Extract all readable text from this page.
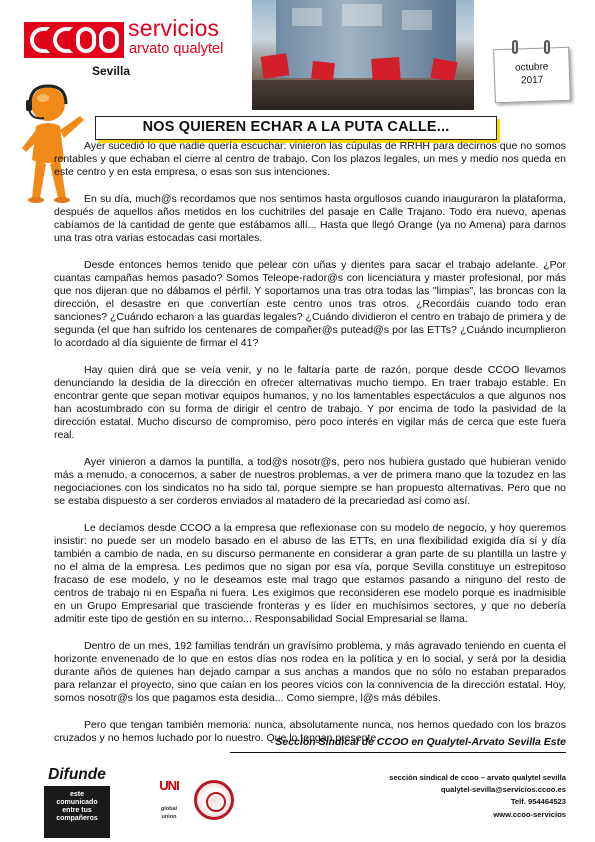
servicios
arvato qualytel
Sevilla	octubre
2017
NOS QUIEREN ECHAR A LA PUTA CALLE...

Ayer sucedió lo que nadie quería escuchar: vinieron las cúpulas de RRHH para decirnos que no somos rentables y que echaban el cierre al centro de trabajo. Con los plazos legales, un mes y medio nos queda en este centro y en esta empresa, o esas son sus intenciones.

En su día, much@s recordamos que nos sentimos hasta orgullosos cuando inauguraron la plataforma, después de aquellos años metidos en los cuchitriles del pasaje en Calle Trajano. Todo era nuevo, apenas cabíamos de la cantidad de gente que estábamos allí... Hasta que llegó Orange (ya no Amena) para darnos una tras otra varias estocadas casi mortales.

Desde entonces hemos tenido que pelear con uñas y dientes para sacar el trabajo adelante. ¿Por cuantas campañas hemos pasado? Somos Teleope-rador@s con licenciatura y master profesional, por más que nos dijeran que no dábamos el pérfil. Y soportamos una tras otra todas las "limpias", las broncas con la dirección, el desastre en que convertían este centro unos tras otros. ¿Recordáis cuando todo eran sanciones? ¿Cuándo echaron a las guardas legales? ¿Cuándo dividieron el centro en trabajo de primera y de segunda (el que han sufrido los centenares de compañer@s putead@s por las ETTs? ¿Cuándo incumplieron lo acordado al día siguiente de firmar el 41?

Hay quien dirá que se veía venir, y no le faltaría parte de razón, porque desde CCOO llevamos denunciando la desidia de la dirección en ofrecer alternativas mucho tiempo. En traer trabajo estable. En encontrar gente que sepan motivar equipos humanos, y no los lamentables espectáculos a que algunos nos han acostumbrado con su forma de dirigir el centro de trabajo. Y por encima de todo la pasividad de la dirección estatal. Mucho discurso de compromiso, pero poco interés en vigilar más de cerca que este fuera real.

Ayer vinieron a darnos la puntilla, a tod@s nosotr@s, pero nos hubiera gustado que hubieran venido más a menudo, a conocernos, a saber de nuestros problemas, a ver de primera mano que la tozudez en las negociaciones con los sindicatos no ha sido tal, porque siempre se han propuesto alternativas. Pero que no se estaba dispuesto a ser corderos enviados al matadero de la precariedad así como así.

Le decíamos desde CCOO a la empresa que reflexionase con su modelo de negocio, y hoy queremos insistir: no puede ser un modelo basado en el abuso de las ETTs, en una flexibilidad exigida día sí y día también a cambio de nada, en su discurso permanente en considerar a gran parte de su plantilla un lastre y no el alma de la empresa. Les pedimos que no sigan por esa vía, porque Sevilla constituye un estrepitoso fracaso de ese modelo, y no le deseamos este mal trago que estamos pasando a ninguno del resto de centros de trabajo ni en España ni fuera. Les exigimos que reconsideren ese modelo porque es inadmisible en un Grupo Empresarial que trasciende fronteras y es líder en muchísimos sectores, y que no debería admitir este tipo de gestión en su interno... Responsabilidad Social Empresarial se llama.

Dentro de un mes, 192 familias tendrán un gravísimo problema, y más agravado teniendo en cuenta el horizonte envenenado de lo que en estos días nos rodea en la política y en lo social, y será por la desidia durante años de quienes han dejado campar a sus anchas a mandos que no sólo no estaban preparados para relanzar el proyecto, sino que caían en los peores vicios con la connivencia de la dirección estatal. Hoy, somos nosotr@s los que pagamos esta desidia... Como siempre, l@s más débiles.

Pero que tengan también memoria: nunca, absolutamente nunca, nos hemos quedado con los brazos cruzados y no hemos luchado por lo nuestro. Que lo tengan presente.

Sección Sindical de CCOO en Qualytel-Arvato Sevilla Este
Difunde
este
comunicado
entre tus
compañeros
UNI
global
union
sección sindical de ccoo – arvato qualytel sevilla
qualytel-sevilla@servicios.ccoo.es
Telf. 954464523
www.ccoo-servicios
